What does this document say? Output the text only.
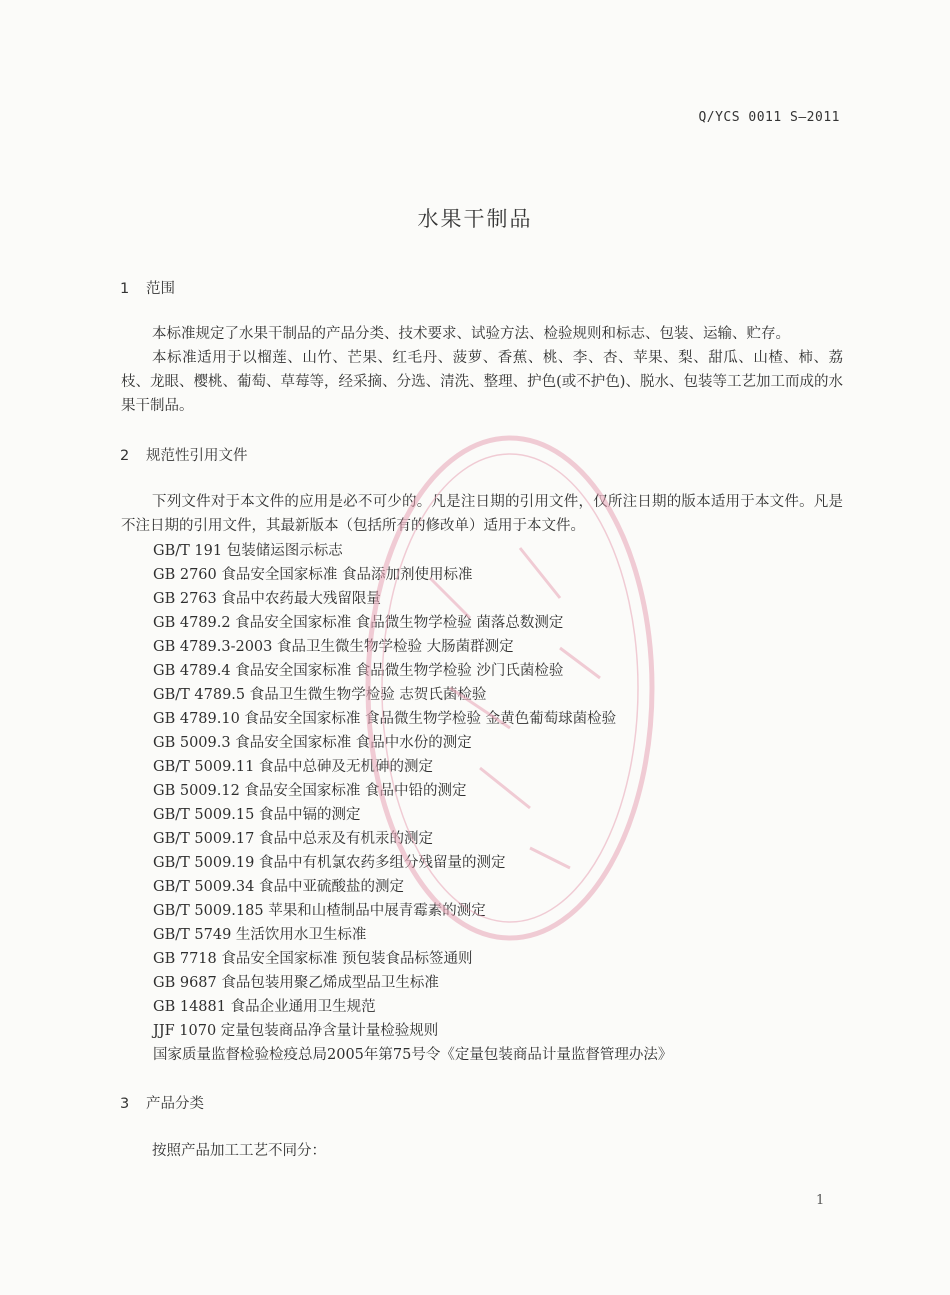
Q/YCS 0011 S—2011
水果干制品
1 范围
本标准规定了水果干制品的产品分类、技术要求、试验方法、检验规则和标志、包装、运输、贮存。
本标准适用于以榴莲、山竹、芒果、红毛丹、菠萝、香蕉、桃、李、杏、苹果、梨、甜瓜、山楂、柿、荔枝、龙眼、樱桃、葡萄、草莓等，经采摘、分选、清洗、整理、护色(或不护色)、脱水、包装等工艺加工而成的水果干制品。
2 规范性引用文件
下列文件对于本文件的应用是必不可少的。凡是注日期的引用文件，仅所注日期的版本适用于本文件。凡是不注日期的引用文件，其最新版本（包括所有的修改单）适用于本文件。
GB/T 191 包装储运图示标志
GB 2760 食品安全国家标准 食品添加剂使用标准
GB 2763 食品中农药最大残留限量
GB 4789.2 食品安全国家标准 食品微生物学检验 菌落总数测定
GB 4789.3-2003 食品卫生微生物学检验 大肠菌群测定
GB 4789.4 食品安全国家标准 食品微生物学检验 沙门氏菌检验
GB/T 4789.5 食品卫生微生物学检验 志贺氏菌检验
GB 4789.10 食品安全国家标准 食品微生物学检验 金黄色葡萄球菌检验
GB 5009.3 食品安全国家标准 食品中水份的测定
GB/T 5009.11 食品中总砷及无机砷的测定
GB 5009.12 食品安全国家标准 食品中铅的测定
GB/T 5009.15 食品中镉的测定
GB/T 5009.17 食品中总汞及有机汞的测定
GB/T 5009.19 食品中有机氯农药多组分残留量的测定
GB/T 5009.34 食品中亚硫酸盐的测定
GB/T 5009.185 苹果和山楂制品中展青霉素的测定
GB/T 5749 生活饮用水卫生标准
GB 7718 食品安全国家标准 预包装食品标签通则
GB 9687 食品包装用聚乙烯成型品卫生标准
GB 14881 食品企业通用卫生规范
JJF 1070 定量包装商品净含量计量检验规则
国家质量监督检验检疫总局2005年第75号令《定量包装商品计量监督管理办法》
3 产品分类
按照产品加工工艺不同分：
1
